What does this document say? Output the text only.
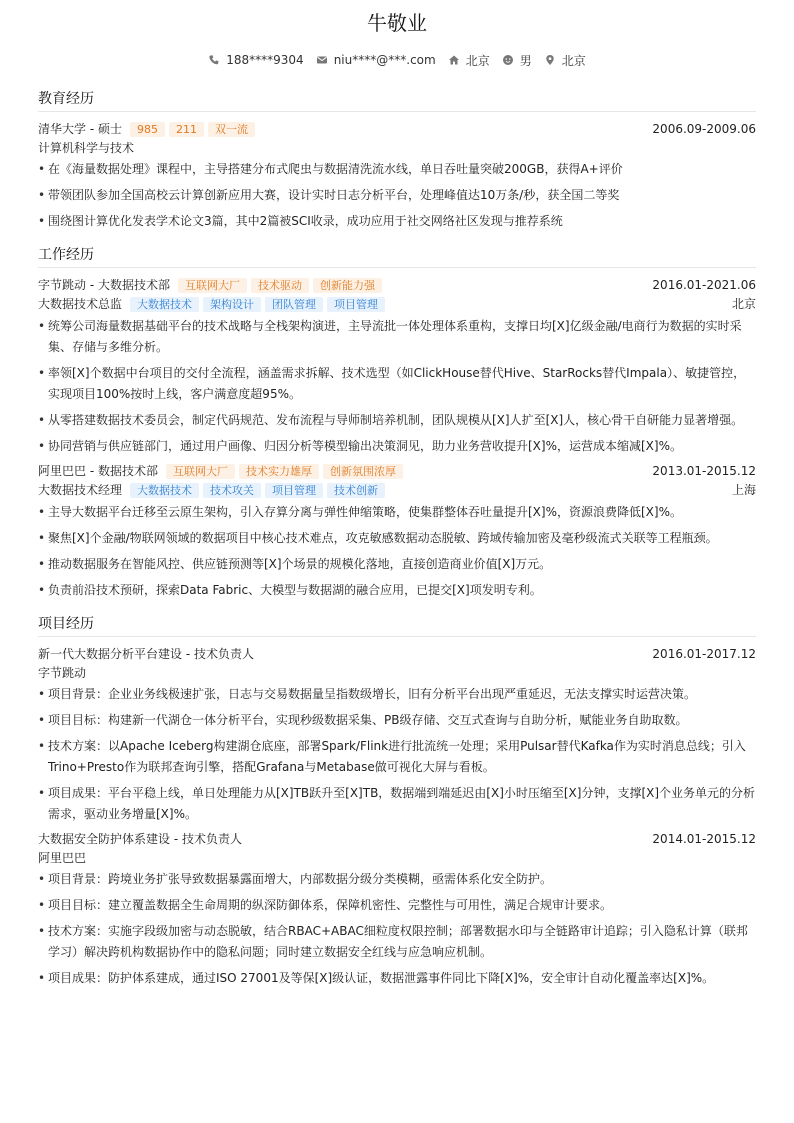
牛敬业
188****9304	niu****@***.com	北京	男	北京
教育经历
清华大学 - 硕士	985	211	双一流	2006.09-2009.06
计算机科学与技术
• 在《海量数据处理》课程中，主导搭建分布式爬虫与数据清洗流水线，单日吞吐量突破200GB，获得A+评价
• 带领团队参加全国高校云计算创新应用大赛，设计实时日志分析平台，处理峰值达10万条/秒，获全国二等奖
• 围绕图计算优化发表学术论文3篇，其中2篇被SCI收录，成功应用于社交网络社区发现与推荐系统
工作经历
字节跳动 - 大数据技术部	互联网大厂	技术驱动	创新能力强	2016.01-2021.06
大数据技术总监	大数据技术	架构设计	团队管理	项目管理	北京
• 统筹公司海量数据基础平台的技术战略与全栈架构演进，主导流批一体处理体系重构，支撑日均[X]亿级金融/电商行为数据的实时采集、存储与多维分析。
• 率领[X]个数据中台项目的交付全流程，涵盖需求拆解、技术选型（如ClickHouse替代Hive、StarRocks替代Impala）、敏捷管控，实现项目100%按时上线，客户满意度超95%。
• 从零搭建数据技术委员会，制定代码规范、发布流程与导师制培养机制，团队规模从[X]人扩至[X]人，核心骨干自研能力显著增强。
• 协同营销与供应链部门，通过用户画像、归因分析等模型输出决策洞见，助力业务营收提升[X]%，运营成本缩减[X]%。
阿里巴巴 - 数据技术部	互联网大厂	技术实力雄厚	创新氛围浓厚	2013.01-2015.12
大数据技术经理	大数据技术	技术攻关	项目管理	技术创新	上海
• 主导大数据平台迁移至云原生架构，引入存算分离与弹性伸缩策略，使集群整体吞吐量提升[X]%，资源浪费降低[X]%。
• 聚焦[X]个金融/物联网领域的数据项目中核心技术难点，攻克敏感数据动态脱敏、跨域传输加密及毫秒级流式关联等工程瓶颈。
• 推动数据服务在智能风控、供应链预测等[X]个场景的规模化落地，直接创造商业价值[X]万元。
• 负责前沿技术预研，探索Data Fabric、大模型与数据湖的融合应用，已提交[X]项发明专利。
项目经历
新一代大数据分析平台建设 - 技术负责人	2016.01-2017.12
字节跳动
• 项目背景：企业业务线极速扩张，日志与交易数据量呈指数级增长，旧有分析平台出现严重延迟，无法支撑实时运营决策。
• 项目目标：构建新一代湖仓一体分析平台，实现秒级数据采集、PB级存储、交互式查询与自助分析，赋能业务自助取数。
• 技术方案：以Apache Iceberg构建湖仓底座，部署Spark/Flink进行批流统一处理；采用Pulsar替代Kafka作为实时消息总线；引入Trino+Presto作为联邦查询引擎，搭配Grafana与Metabase做可视化大屏与看板。
• 项目成果：平台平稳上线，单日处理能力从[X]TB跃升至[X]TB，数据端到端延迟由[X]小时压缩至[X]分钟，支撑[X]个业务单元的分析需求，驱动业务增量[X]%。
大数据安全防护体系建设 - 技术负责人	2014.01-2015.12
阿里巴巴
• 项目背景：跨境业务扩张导致数据暴露面增大，内部数据分级分类模糊，亟需体系化安全防护。
• 项目目标：建立覆盖数据全生命周期的纵深防御体系，保障机密性、完整性与可用性，满足合规审计要求。
• 技术方案：实施字段级加密与动态脱敏，结合RBAC+ABAC细粒度权限控制；部署数据水印与全链路审计追踪；引入隐私计算（联邦学习）解决跨机构数据协作中的隐私问题；同时建立数据安全红线与应急响应机制。
• 项目成果：防护体系建成，通过ISO 27001及等保[X]级认证，数据泄露事件同比下降[X]%，安全审计自动化覆盖率达[X]%。
